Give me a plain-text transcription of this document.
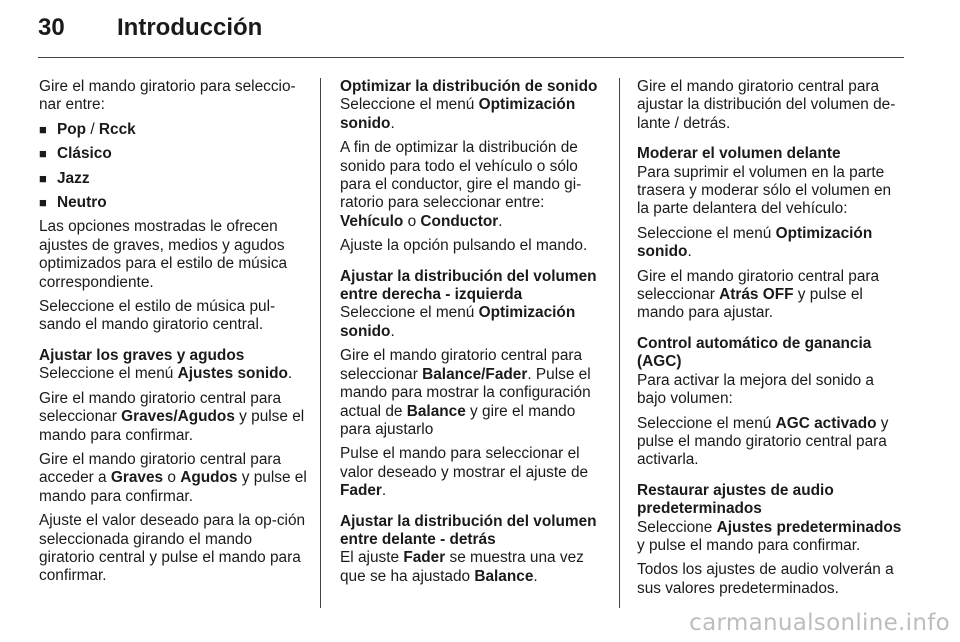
30 Introducción

Gire el mando giratorio para seleccio-nar entre:

■ Pop / Rcck
■ Clásico
■ Jazz
■ Neutro

Las opciones mostradas le ofrecen ajustes de graves, medios y agudos optimizados para el estilo de música correspondiente.

Seleccione el estilo de música pul-sando el mando giratorio central.

Ajustar los graves y agudos

Seleccione el menú Ajustes sonido.

Gire el mando giratorio central para seleccionar Graves/Agudos y pulse el mando para confirmar.

Gire el mando giratorio central para acceder a Graves o Agudos y pulse el mando para confirmar.

Ajuste el valor deseado para la op-ción seleccionada girando el mando giratorio central y pulse el mando para confirmar.

Optimizar la distribución de sonido

Seleccione el menú Optimización sonido.

A fin de optimizar la distribución de sonido para todo el vehículo o sólo para el conductor, gire el mando gi-ratorio para seleccionar entre: Vehículo o Conductor.

Ajuste la opción pulsando el mando.

Ajustar la distribución del volumen entre derecha - izquierda

Seleccione el menú Optimización sonido.

Gire el mando giratorio central para seleccionar Balance/Fader. Pulse el mando para mostrar la configuración actual de Balance y gire el mando para ajustarlo

Pulse el mando para seleccionar el valor deseado y mostrar el ajuste de Fader.

Ajustar la distribución del volumen entre delante - detrás

El ajuste Fader se muestra una vez que se ha ajustado Balance.

Gire el mando giratorio central para ajustar la distribución del volumen de-lante / detrás.

Moderar el volumen delante

Para suprimir el volumen en la parte trasera y moderar sólo el volumen en la parte delantera del vehículo:

Seleccione el menú Optimización sonido.

Gire el mando giratorio central para seleccionar Atrás OFF y pulse el mando para ajustar.

Control automático de ganancia (AGC)

Para activar la mejora del sonido a bajo volumen:

Seleccione el menú AGC activado y pulse el mando giratorio central para activarla.

Restaurar ajustes de audio predeterminados

Seleccione Ajustes predeterminados y pulse el mando para confirmar.

Todos los ajustes de audio volverán a sus valores predeterminados.

carmanualsonline.info
